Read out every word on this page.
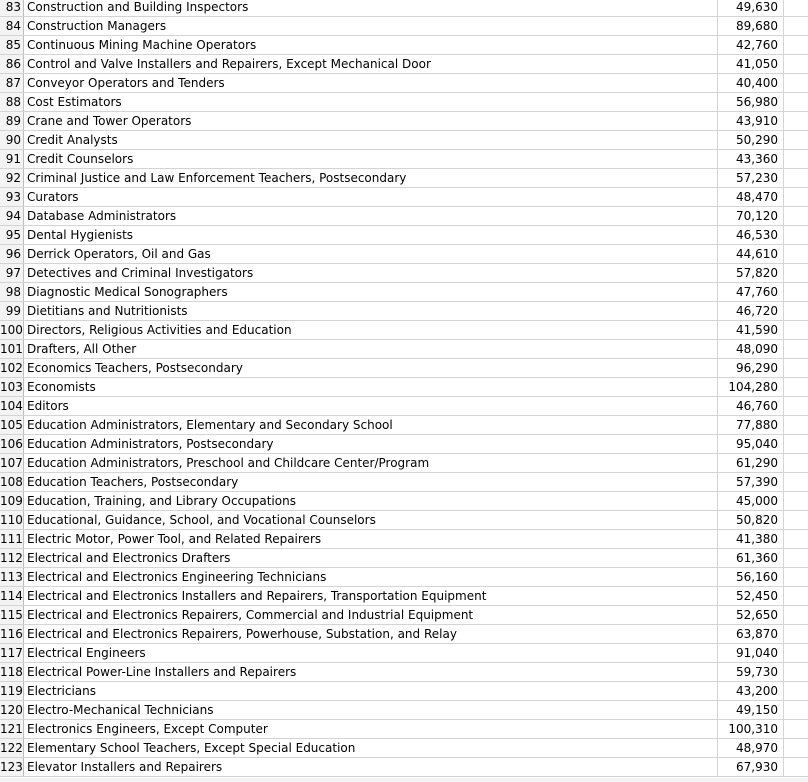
83 Construction and Building Inspectors	49,630
84 Construction Managers	89,680
85 Continuous Mining Machine Operators	42,760
86 Control and Valve Installers and Repairers, Except Mechanical Door	41,050
87 Conveyor Operators and Tenders	40,400
88 Cost Estimators	56,980
89 Crane and Tower Operators	43,910
90 Credit Analysts	50,290
91 Credit Counselors	43,360
92 Criminal Justice and Law Enforcement Teachers, Postsecondary	57,230
93 Curators	48,470
94 Database Administrators	70,120
95 Dental Hygienists	46,530
96 Derrick Operators, Oil and Gas	44,610
97 Detectives and Criminal Investigators	57,820
98 Diagnostic Medical Sonographers	47,760
99 Dietitians and Nutritionists	46,720
100 Directors, Religious Activities and Education	41,590
101 Drafters, All Other	48,090
102 Economics Teachers, Postsecondary	96,290
103 Economists	104,280
104 Editors	46,760
105 Education Administrators, Elementary and Secondary School	77,880
106 Education Administrators, Postsecondary	95,040
107 Education Administrators, Preschool and Childcare Center/Program	61,290
108 Education Teachers, Postsecondary	57,390
109 Education, Training, and Library Occupations	45,000
110 Educational, Guidance, School, and Vocational Counselors	50,820
111 Electric Motor, Power Tool, and Related Repairers	41,380
112 Electrical and Electronics Drafters	61,360
113 Electrical and Electronics Engineering Technicians	56,160
114 Electrical and Electronics Installers and Repairers, Transportation Equipment	52,450
115 Electrical and Electronics Repairers, Commercial and Industrial Equipment	52,650
116 Electrical and Electronics Repairers, Powerhouse, Substation, and Relay	63,870
117 Electrical Engineers	91,040
118 Electrical Power-Line Installers and Repairers	59,730
119 Electricians	43,200
120 Electro-Mechanical Technicians	49,150
121 Electronics Engineers, Except Computer	100,310
122 Elementary School Teachers, Except Special Education	48,970
123 Elevator Installers and Repairers	67,930
